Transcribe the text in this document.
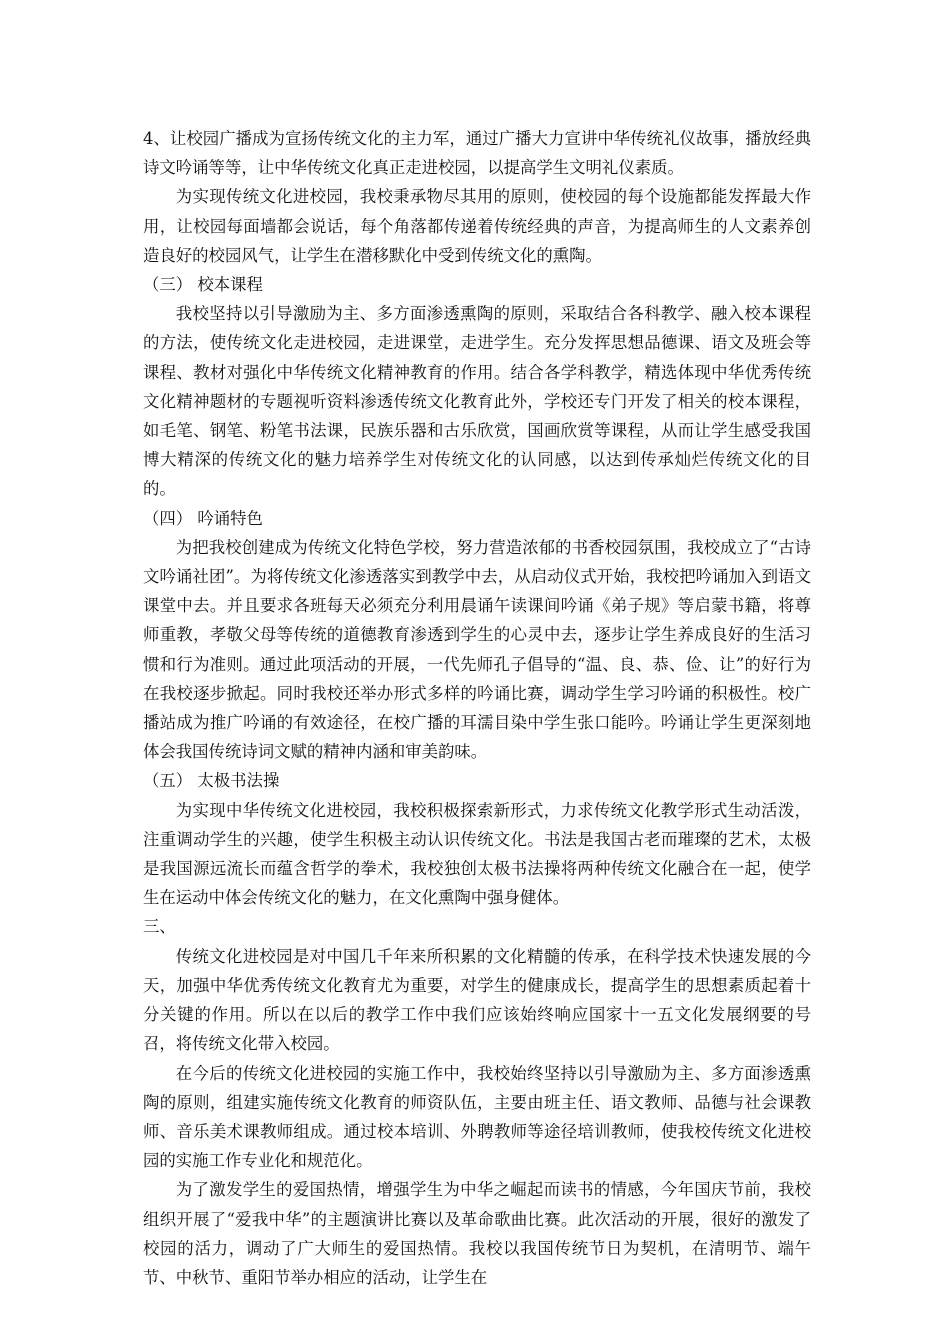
4、让校园广播成为宣扬传统文化的主力军，通过广播大力宣讲中华传统礼仪故事，播放经典诗文吟诵等等，让中华传统文化真正走进校园，以提高学生文明礼仪素质。

为实现传统文化进校园，我校秉承物尽其用的原则，使校园的每个设施都能发挥最大作用，让校园每面墙都会说话，每个角落都传递着传统经典的声音，为提高师生的人文素养创造良好的校园风气，让学生在潜移默化中受到传统文化的熏陶。

（三） 校本课程

我校坚持以引导激励为主、多方面渗透熏陶的原则，采取结合各科教学、融入校本课程的方法，使传统文化走进校园，走进课堂，走进学生。充分发挥思想品德课、语文及班会等课程、教材对强化中华传统文化精神教育的作用。结合各学科教学，精选体现中华优秀传统文化精神题材的专题视听资料渗透传统文化教育此外，学校还专门开发了相关的校本课程，如毛笔、钢笔、粉笔书法课，民族乐器和古乐欣赏，国画欣赏等课程，从而让学生感受我国博大精深的传统文化的魅力培养学生对传统文化的认同感，以达到传承灿烂传统文化的目的。

（四） 吟诵特色

为把我校创建成为传统文化特色学校，努力营造浓郁的书香校园氛围，我校成立了“古诗文吟诵社团”。为将传统文化渗透落实到教学中去，从启动仪式开始，我校把吟诵加入到语文课堂中去。并且要求各班每天必须充分利用晨诵午读课间吟诵《弟子规》等启蒙书籍，将尊师重教，孝敬父母等传统的道德教育渗透到学生的心灵中去，逐步让学生养成良好的生活习惯和行为准则。通过此项活动的开展，一代先师孔子倡导的“温、良、恭、俭、让”的好行为在我校逐步掀起。同时我校还举办形式多样的吟诵比赛，调动学生学习吟诵的积极性。校广播站成为推广吟诵的有效途径，在校广播的耳濡目染中学生张口能吟。吟诵让学生更深刻地体会我国传统诗词文赋的精神内涵和审美韵味。

（五） 太极书法操

为实现中华传统文化进校园，我校积极探索新形式，力求传统文化教学形式生动活泼，注重调动学生的兴趣，使学生积极主动认识传统文化。书法是我国古老而璀璨的艺术，太极是我国源远流长而蕴含哲学的拳术，我校独创太极书法操将两种传统文化融合在一起，使学生在运动中体会传统文化的魅力，在文化熏陶中强身健体。

三、

传统文化进校园是对中国几千年来所积累的文化精髓的传承，在科学技术快速发展的今天，加强中华优秀传统文化教育尤为重要，对学生的健康成长，提高学生的思想素质起着十分关键的作用。所以在以后的教学工作中我们应该始终响应国家十一五文化发展纲要的号召，将传统文化带入校园。

在今后的传统文化进校园的实施工作中，我校始终坚持以引导激励为主、多方面渗透熏陶的原则，组建实施传统文化教育的师资队伍，主要由班主任、语文教师、品德与社会课教师、音乐美术课教师组成。通过校本培训、外聘教师等途径培训教师，使我校传统文化进校园的实施工作专业化和规范化。

为了激发学生的爱国热情，增强学生为中华之崛起而读书的情感，今年国庆节前，我校组织开展了“爱我中华”的主题演讲比赛以及革命歌曲比赛。此次活动的开展，很好的激发了校园的活力，调动了广大师生的爱国热情。我校以我国传统节日为契机，在清明节、端午节、中秋节、重阳节举办相应的活动，让学生在
